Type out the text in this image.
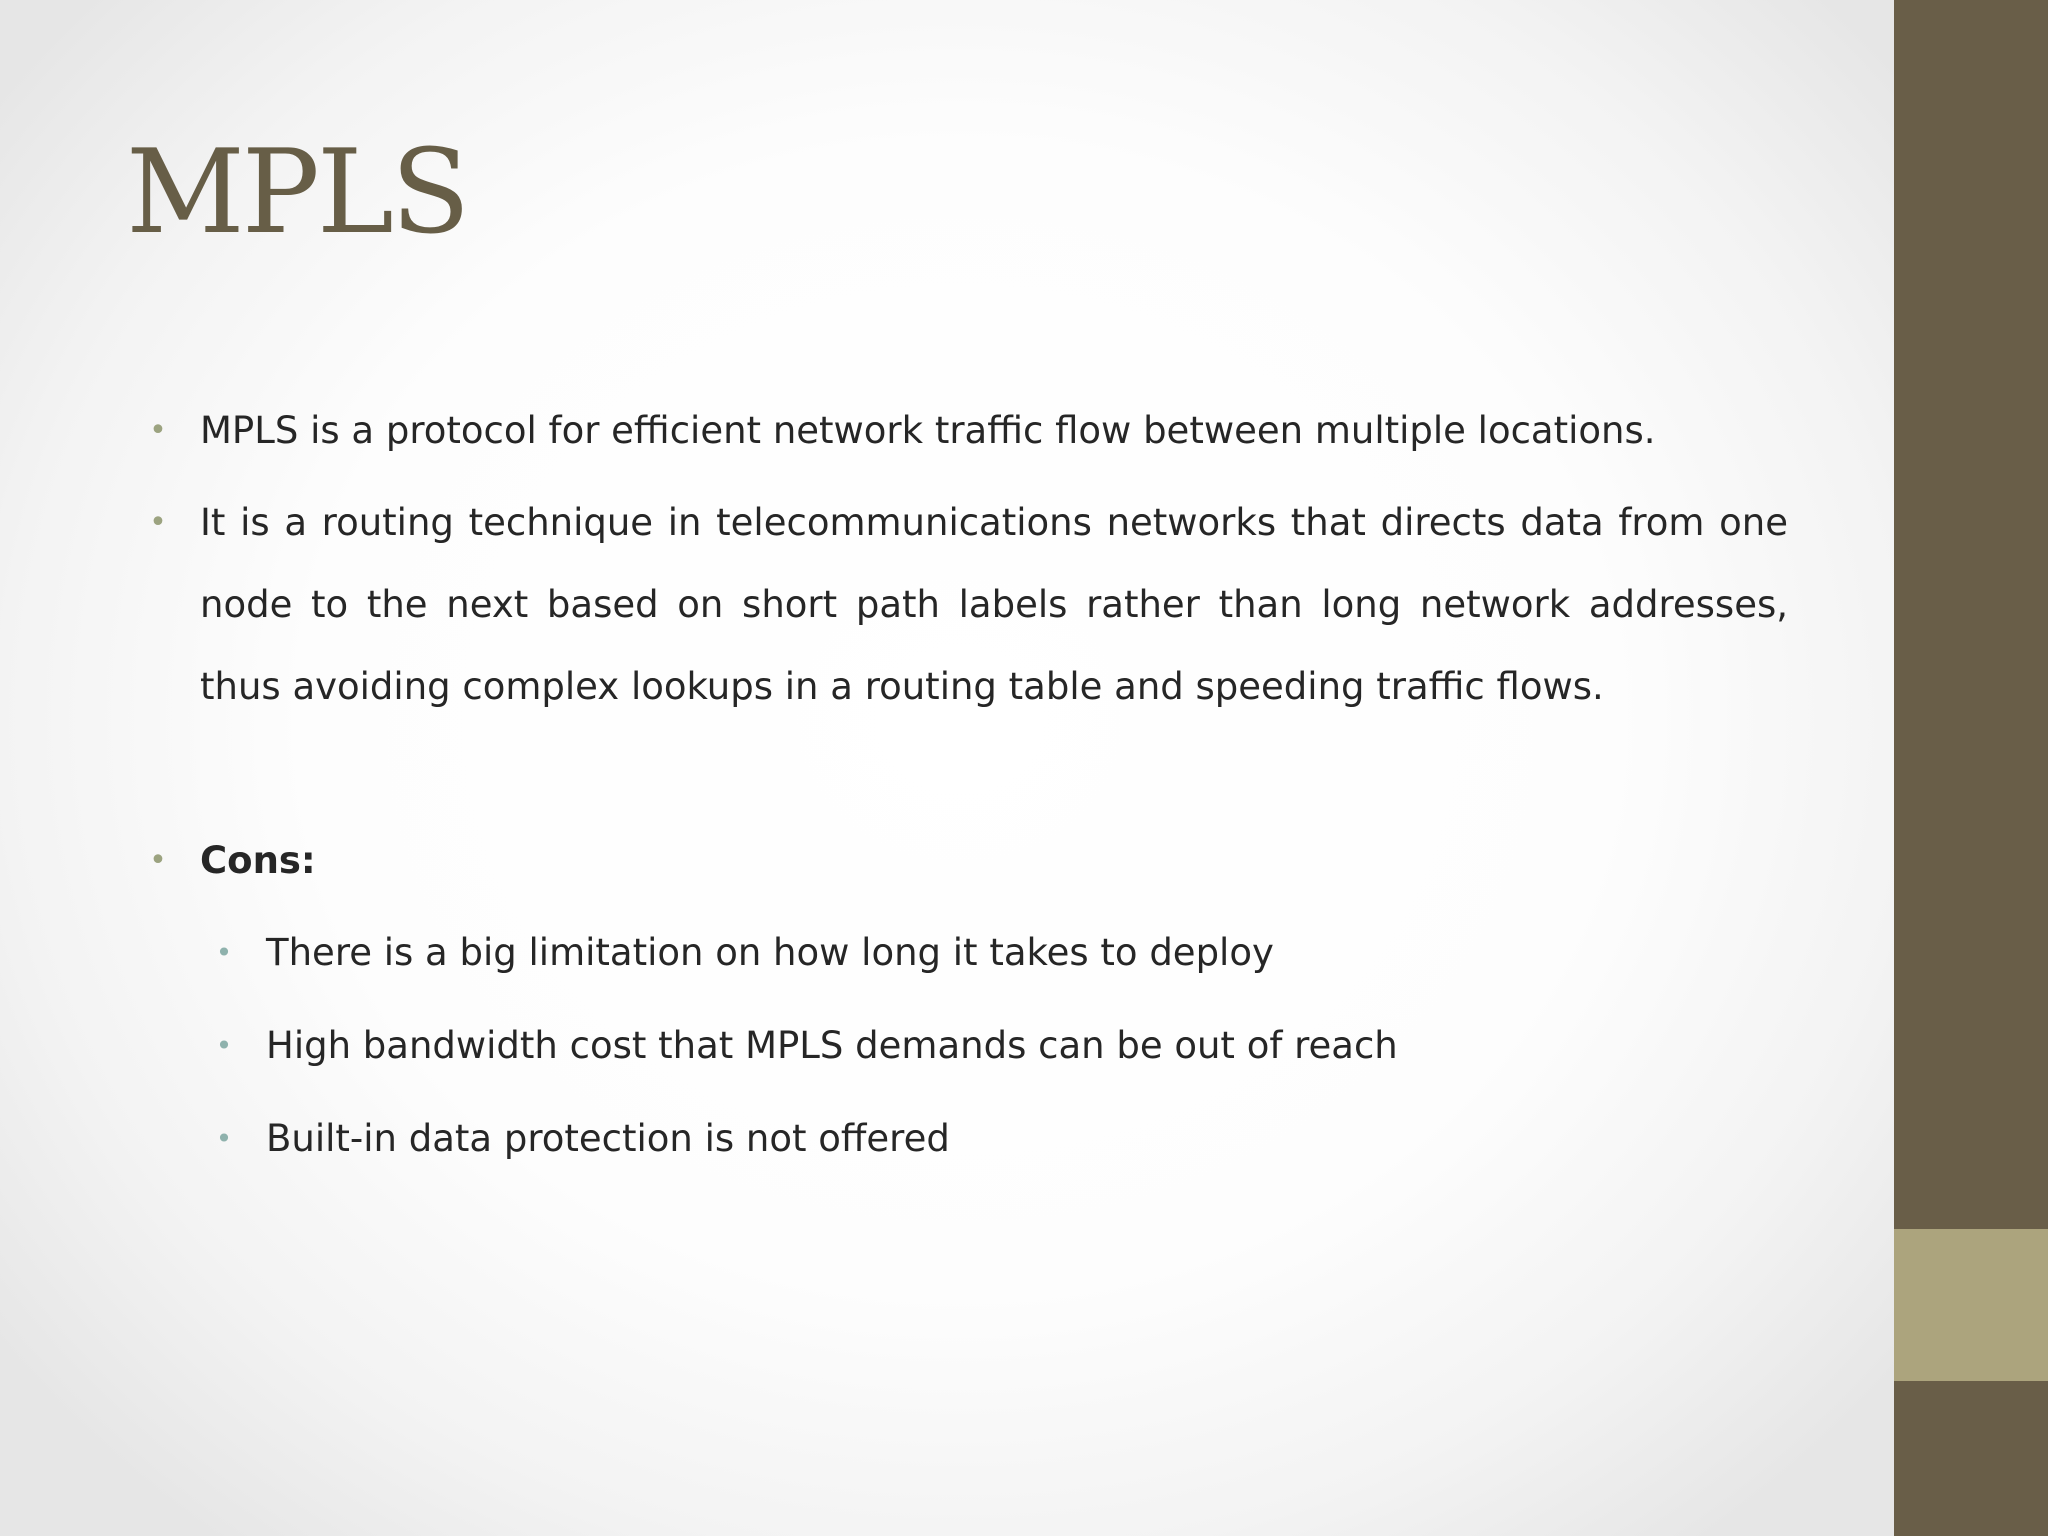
MPLS
• MPLS is a protocol for efficient network traffic flow between multiple locations.
• It is a routing technique in telecommunications networks that directs data from one node to the next based on short path labels rather than long network addresses, thus avoiding complex lookups in a routing table and speeding traffic flows.
• Cons:
• There is a big limitation on how long it takes to deploy
• High bandwidth cost that MPLS demands can be out of reach
• Built-in data protection is not offered
